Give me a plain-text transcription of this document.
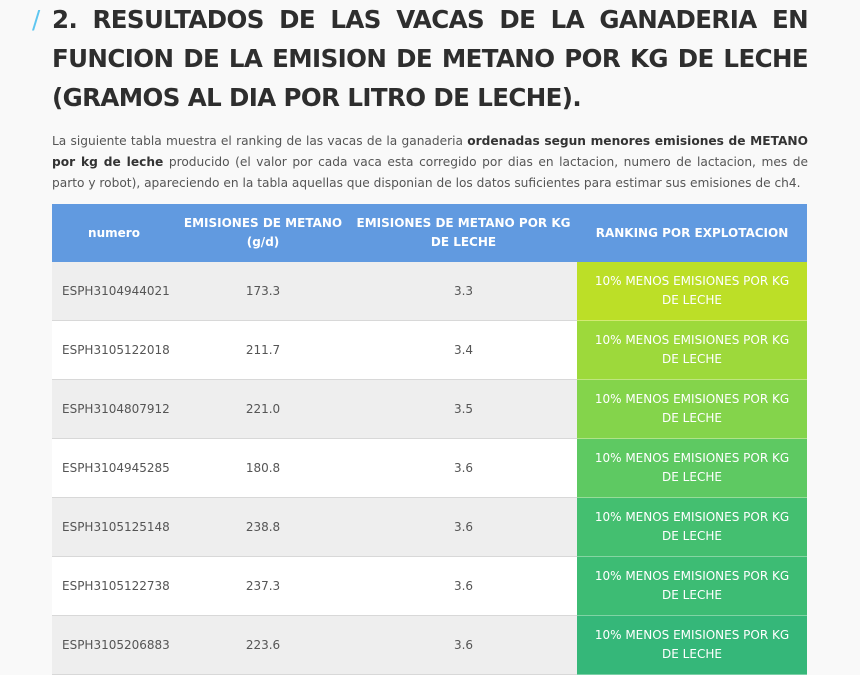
/ 2. RESULTADOS DE LAS VACAS DE LA GANADERIA EN FUNCION DE LA EMISION DE METANO POR KG DE LECHE (GRAMOS AL DIA POR LITRO DE LECHE).

La siguiente tabla muestra el ranking de las vacas de la ganaderia ordenadas segun menores emisiones de METANO por kg de leche producido (el valor por cada vaca esta corregido por dias en lactacion, numero de lactacion, mes de parto y robot), apareciendo en la tabla aquellas que disponian de los datos suficientes para estimar sus emisiones de ch4.

numero	EMISIONES DE METANO (g/d)	EMISIONES DE METANO POR KG DE LECHE	RANKING POR EXPLOTACION
ESPH3104944021	173.3	3.3	10% MENOS EMISIONES POR KG DE LECHE
ESPH3105122018	211.7	3.4	10% MENOS EMISIONES POR KG DE LECHE
ESPH3104807912	221.0	3.5	10% MENOS EMISIONES POR KG DE LECHE
ESPH3104945285	180.8	3.6	10% MENOS EMISIONES POR KG DE LECHE
ESPH3105125148	238.8	3.6	10% MENOS EMISIONES POR KG DE LECHE
ESPH3105122738	237.3	3.6	10% MENOS EMISIONES POR KG DE LECHE
ESPH3105206883	223.6	3.6	10% MENOS EMISIONES POR KG DE LECHE
